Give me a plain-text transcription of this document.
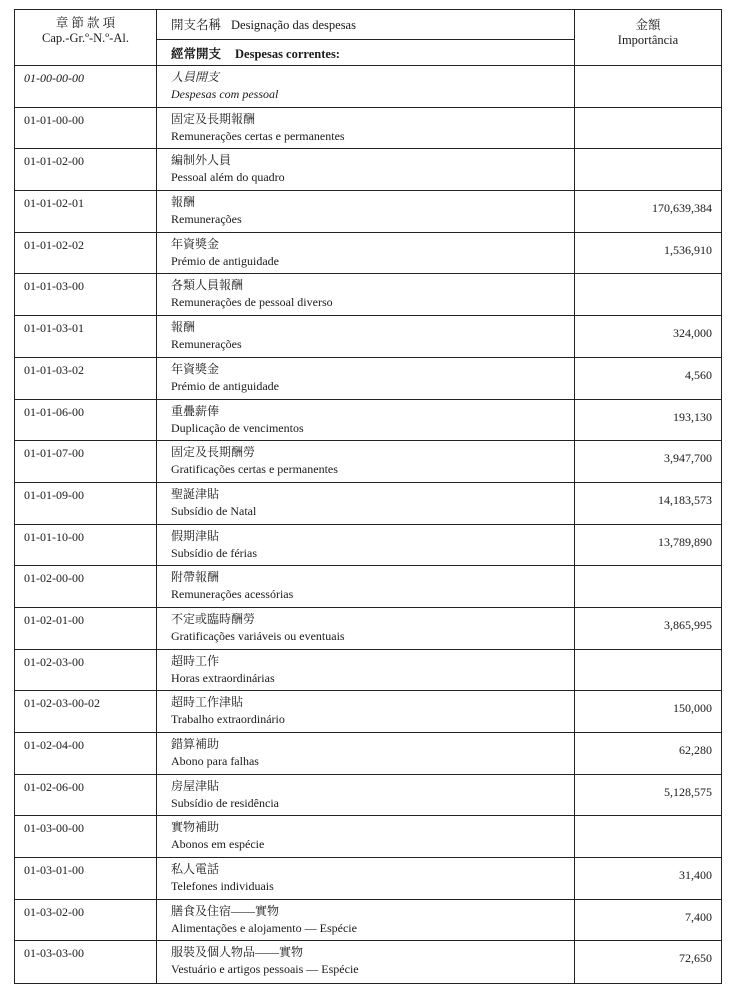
章 節 款 項
Cap.-Gr.º-N.º-Al.
開支名稱 Designação das despesas
經常開支 Despesas correntes:
金額
Importância
01-00-00-00	人員開支
Despesas com pessoal
01-01-00-00	固定及長期報酬
Remunerações certas e permanentes
01-01-02-00	編制外人員
Pessoal além do quadro
01-01-02-01	報酬
Remunerações
170,639,384
01-01-02-02	年資獎金
Prémio de antiguidade
1,536,910
01-01-03-00	各類人員報酬
Remunerações de pessoal diverso
01-01-03-01	報酬
Remunerações
324,000
01-01-03-02	年資獎金
Prémio de antiguidade
4,560
01-01-06-00	重疊薪俸
Duplicação de vencimentos
193,130
01-01-07-00	固定及長期酬勞
Gratificações certas e permanentes
3,947,700
01-01-09-00	聖誕津貼
Subsídio de Natal
14,183,573
01-01-10-00	假期津貼
Subsídio de férias
13,789,890
01-02-00-00	附帶報酬
Remunerações acessórias
01-02-01-00	不定或臨時酬勞
Gratificações variáveis ou eventuais
3,865,995
01-02-03-00	超時工作
Horas extraordinárias
01-02-03-00-02	超時工作津貼
Trabalho extraordinário
150,000
01-02-04-00	錯算補助
Abono para falhas
62,280
01-02-06-00	房屋津貼
Subsídio de residência
5,128,575
01-03-00-00	實物補助
Abonos em espécie
01-03-01-00	私人電話
Telefones individuais
31,400
01-03-02-00	膳食及住宿——實物
Alimentações e alojamento — Espécie
7,400
01-03-03-00	服裝及個人物品——實物
Vestuário e artigos pessoais — Espécie
72,650
